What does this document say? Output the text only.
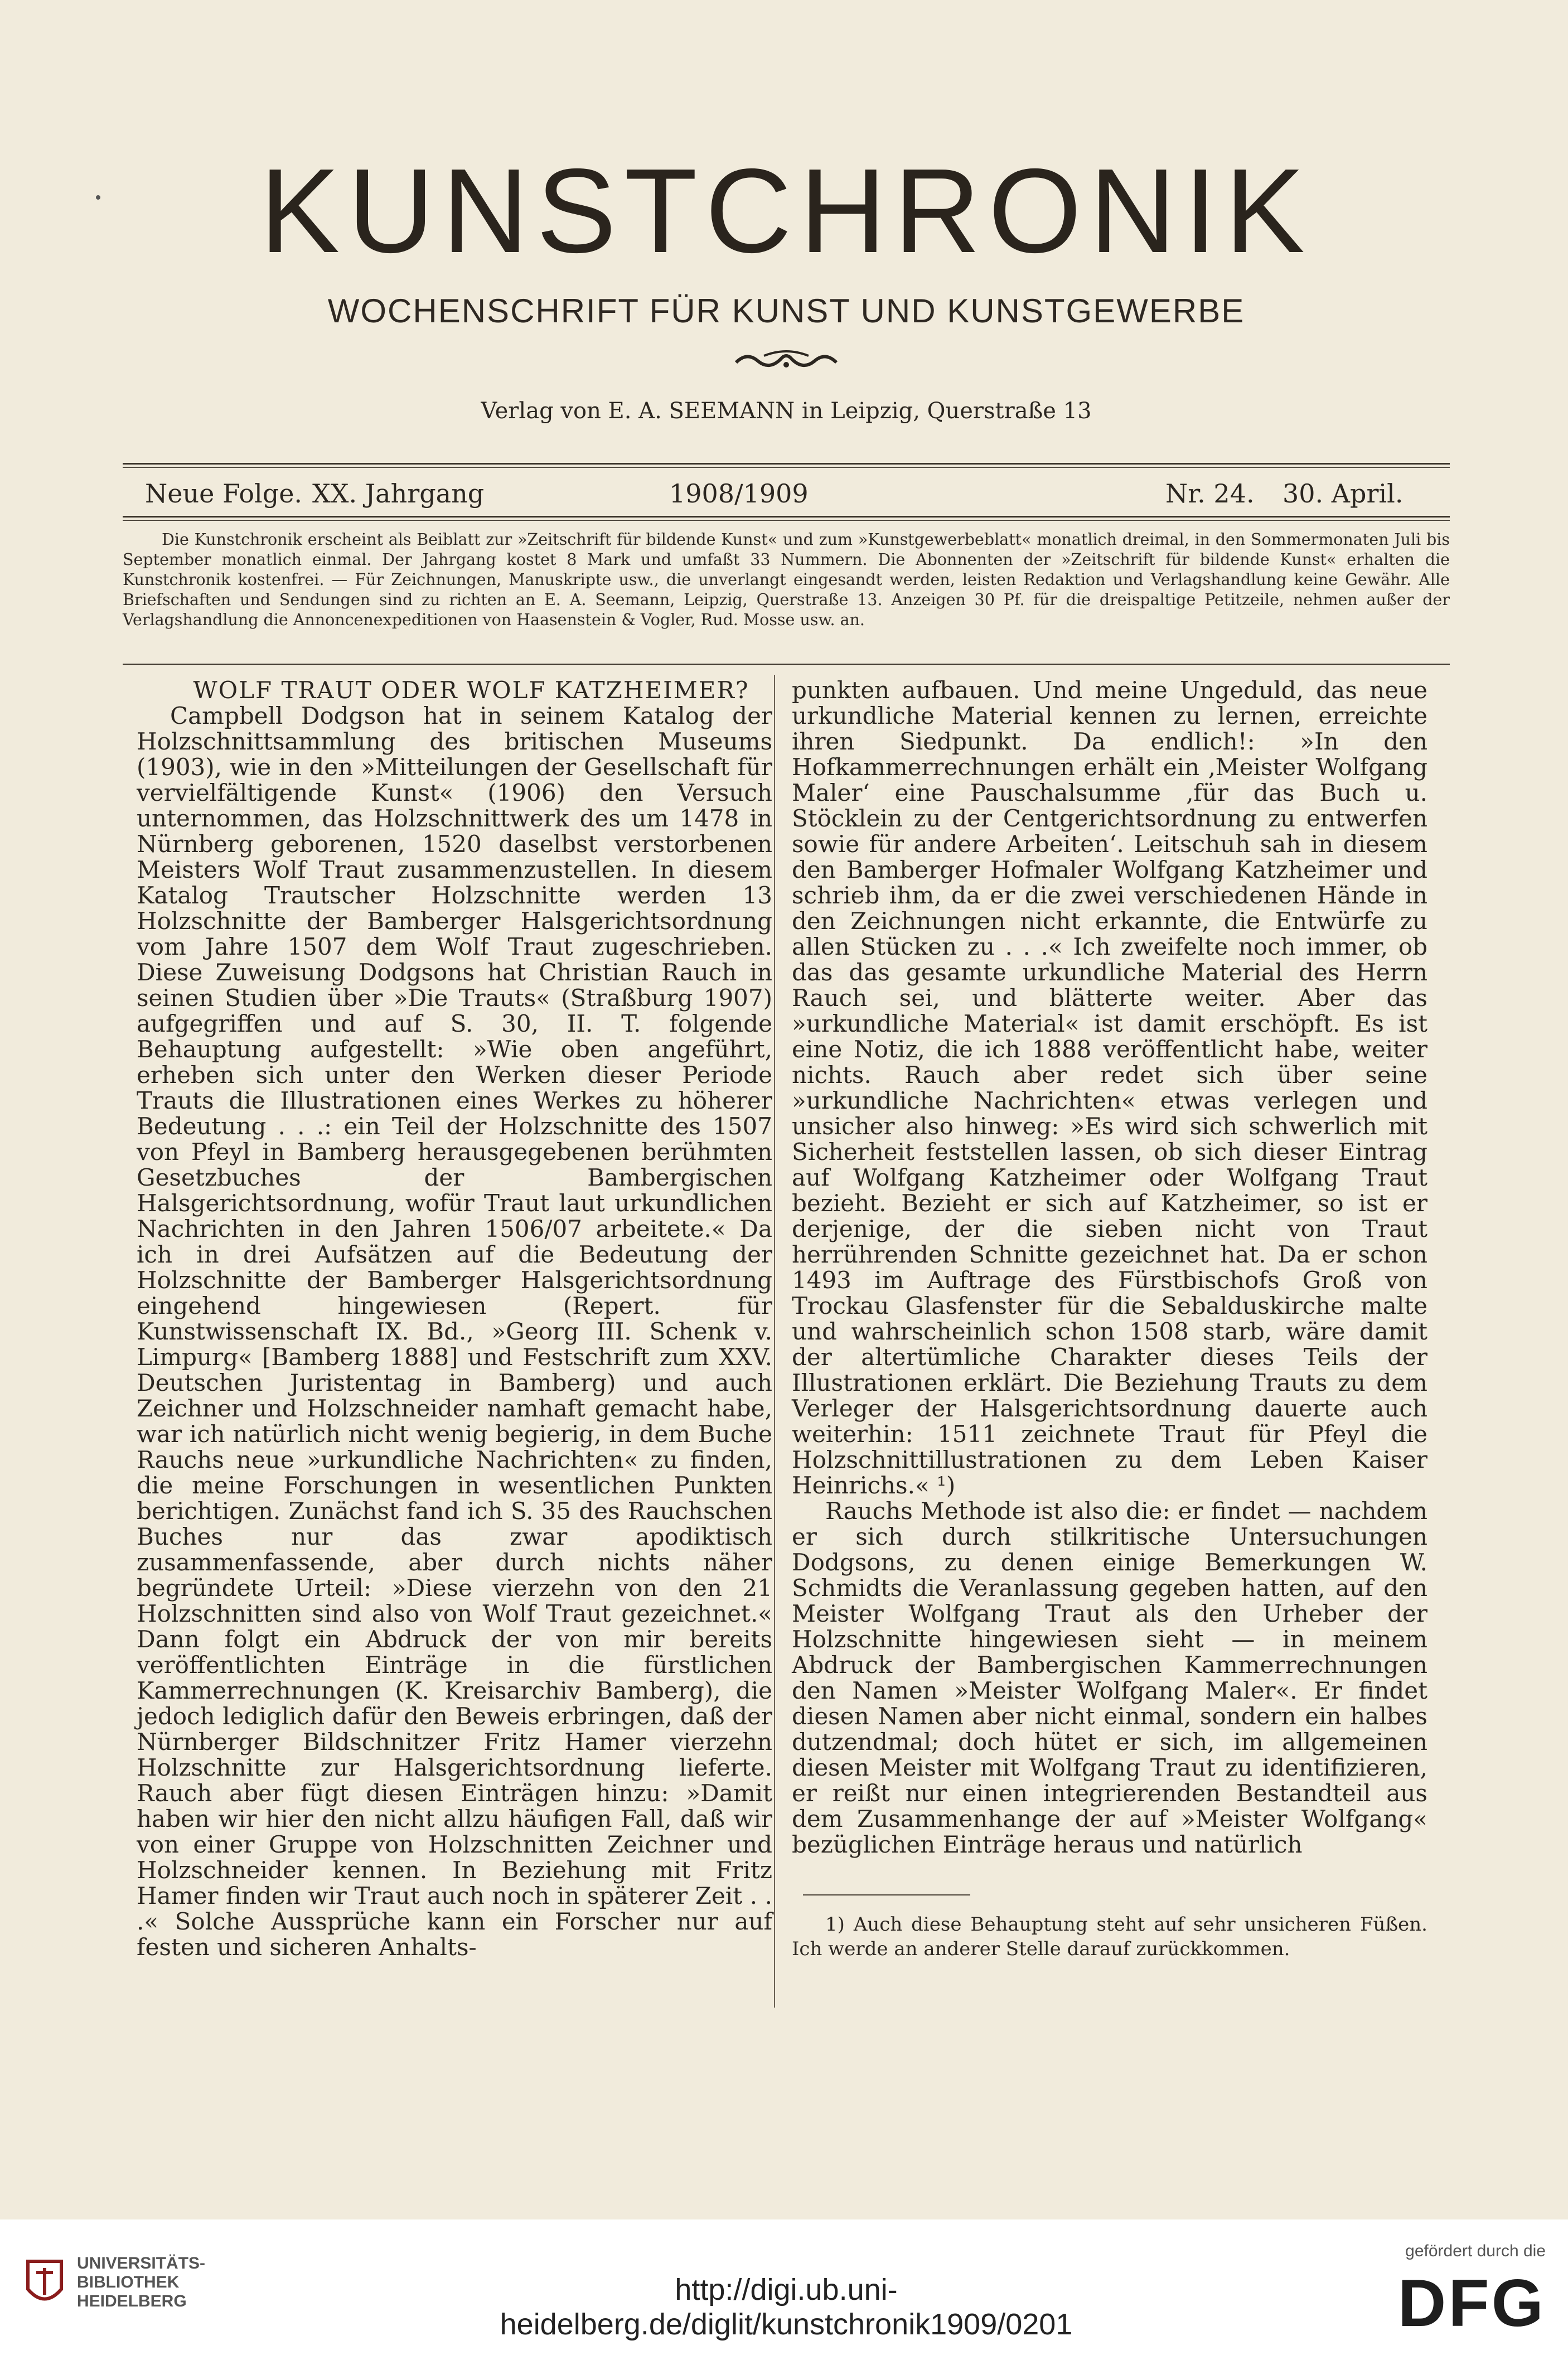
KUNSTCHRONIK
WOCHENSCHRIFT FÜR KUNST UND KUNSTGEWERBE
Verlag von E. A. SEEMANN in Leipzig, Querstraße 13
Neue Folge. XX. Jahrgang	1908/1909	Nr. 24. 30. April.

Die Kunstchronik erscheint als Beiblatt zur »Zeitschrift für bildende Kunst« und zum »Kunstgewerbeblatt« monatlich dreimal, in den Sommermonaten Juli bis September monatlich einmal. Der Jahrgang kostet 8 Mark und umfaßt 33 Nummern. Die Abonnenten der »Zeitschrift für bildende Kunst« erhalten die Kunstchronik kostenfrei. — Für Zeichnungen, Manuskripte usw., die unverlangt eingesandt werden, leisten Redaktion und Verlagshandlung keine Gewähr. Alle Briefschaften und Sendungen sind zu richten an E. A. Seemann, Leipzig, Querstraße 13. Anzeigen 30 Pf. für die dreispaltige Petitzeile, nehmen außer der Verlagshandlung die Annoncenexpeditionen von Haasenstein & Vogler, Rud. Mosse usw. an.

WOLF TRAUT ODER WOLF KATZHEIMER?

Campbell Dodgson hat in seinem Katalog der Holzschnittsammlung des britischen Museums (1903), wie in den »Mitteilungen der Gesellschaft für vervielfältigende Kunst« (1906) den Versuch unternommen, das Holzschnittwerk des um 1478 in Nürnberg geborenen, 1520 daselbst verstorbenen Meisters Wolf Traut zusammenzustellen. In diesem Katalog Trautscher Holzschnitte werden 13 Holzschnitte der Bamberger Halsgerichtsordnung vom Jahre 1507 dem Wolf Traut zugeschrieben. Diese Zuweisung Dodgsons hat Christian Rauch in seinen Studien über »Die Trauts« (Straßburg 1907) aufgegriffen und auf S. 30, II. T. folgende Behauptung aufgestellt: »Wie oben angeführt, erheben sich unter den Werken dieser Periode Trauts die Illustrationen eines Werkes zu höherer Bedeutung . . .: ein Teil der Holzschnitte des 1507 von Pfeyl in Bamberg herausgegebenen berühmten Gesetzbuches der Bambergischen Halsgerichtsordnung, wofür Traut laut urkundlichen Nachrichten in den Jahren 1506/07 arbeitete.« Da ich in drei Aufsätzen auf die Bedeutung der Holzschnitte der Bamberger Halsgerichtsordnung eingehend hingewiesen (Repert. für Kunstwissenschaft IX. Bd., »Georg III. Schenk v. Limpurg« [Bamberg 1888] und Festschrift zum XXV. Deutschen Juristentag in Bamberg) und auch Zeichner und Holzschneider namhaft gemacht habe, war ich natürlich nicht wenig begierig, in dem Buche Rauchs neue »urkundliche Nachrichten« zu finden, die meine Forschungen in wesentlichen Punkten berichtigen. Zunächst fand ich S. 35 des Rauchschen Buches nur das zwar apodiktisch zusammenfassende, aber durch nichts näher begründete Urteil: »Diese vierzehn von den 21 Holzschnitten sind also von Wolf Traut gezeichnet.« Dann folgt ein Abdruck der von mir bereits veröffentlichten Einträge in die fürstlichen Kammerrechnungen (K. Kreisarchiv Bamberg), die jedoch lediglich dafür den Beweis erbringen, daß der Nürnberger Bildschnitzer Fritz Hamer vierzehn Holzschnitte zur Halsgerichtsordnung lieferte. Rauch aber fügt diesen Einträgen hinzu: »Damit haben wir hier den nicht allzu häufigen Fall, daß wir von einer Gruppe von Holzschnitten Zeichner und Holzschneider kennen. In Beziehung mit Fritz Hamer finden wir Traut auch noch in späterer Zeit . . .« Solche Aussprüche kann ein Forscher nur auf festen und sicheren Anhalts-

punkten aufbauen. Und meine Ungeduld, das neue urkundliche Material kennen zu lernen, erreichte ihren Siedpunkt. Da endlich!: »In den Hofkammerrechnungen erhält ein ‚Meister Wolfgang Maler‘ eine Pauschalsumme ‚für das Buch u. Stöcklein zu der Centgerichtsordnung zu entwerfen sowie für andere Arbeiten‘. Leitschuh sah in diesem den Bamberger Hofmaler Wolfgang Katzheimer und schrieb ihm, da er die zwei verschiedenen Hände in den Zeichnungen nicht erkannte, die Entwürfe zu allen Stücken zu . . .« Ich zweifelte noch immer, ob das das gesamte urkundliche Material des Herrn Rauch sei, und blätterte weiter. Aber das »urkundliche Material« ist damit erschöpft. Es ist eine Notiz, die ich 1888 veröffentlicht habe, weiter nichts. Rauch aber redet sich über seine »urkundliche Nachrichten« etwas verlegen und unsicher also hinweg: »Es wird sich schwerlich mit Sicherheit feststellen lassen, ob sich dieser Eintrag auf Wolfgang Katzheimer oder Wolfgang Traut bezieht. Bezieht er sich auf Katzheimer, so ist er derjenige, der die sieben nicht von Traut herrührenden Schnitte gezeichnet hat. Da er schon 1493 im Auftrage des Fürstbischofs Groß von Trockau Glasfenster für die Sebalduskirche malte und wahrscheinlich schon 1508 starb, wäre damit der altertümliche Charakter dieses Teils der Illustrationen erklärt. Die Beziehung Trauts zu dem Verleger der Halsgerichtsordnung dauerte auch weiterhin: 1511 zeichnete Traut für Pfeyl die Holzschnittillustrationen zu dem Leben Kaiser Heinrichs.« ¹)

Rauchs Methode ist also die: er findet — nachdem er sich durch stilkritische Untersuchungen Dodgsons, zu denen einige Bemerkungen W. Schmidts die Veranlassung gegeben hatten, auf den Meister Wolfgang Traut als den Urheber der Holzschnitte hingewiesen sieht — in meinem Abdruck der Bambergischen Kammerrechnungen den Namen »Meister Wolfgang Maler«. Er findet diesen Namen aber nicht einmal, sondern ein halbes dutzendmal; doch hütet er sich, im allgemeinen diesen Meister mit Wolfgang Traut zu identifizieren, er reißt nur einen integrierenden Bestandteil aus dem Zusammenhange der auf »Meister Wolfgang« bezüglichen Einträge heraus und natürlich

1) Auch diese Behauptung steht auf sehr unsicheren Füßen. Ich werde an anderer Stelle darauf zurückkommen.

UNIVERSITÄTS-
BIBLIOTHEK
HEIDELBERG	http://digi.ub.uni-heidelberg.de/diglit/kunstchronik1909/0201
gefördert durch die
DFG
